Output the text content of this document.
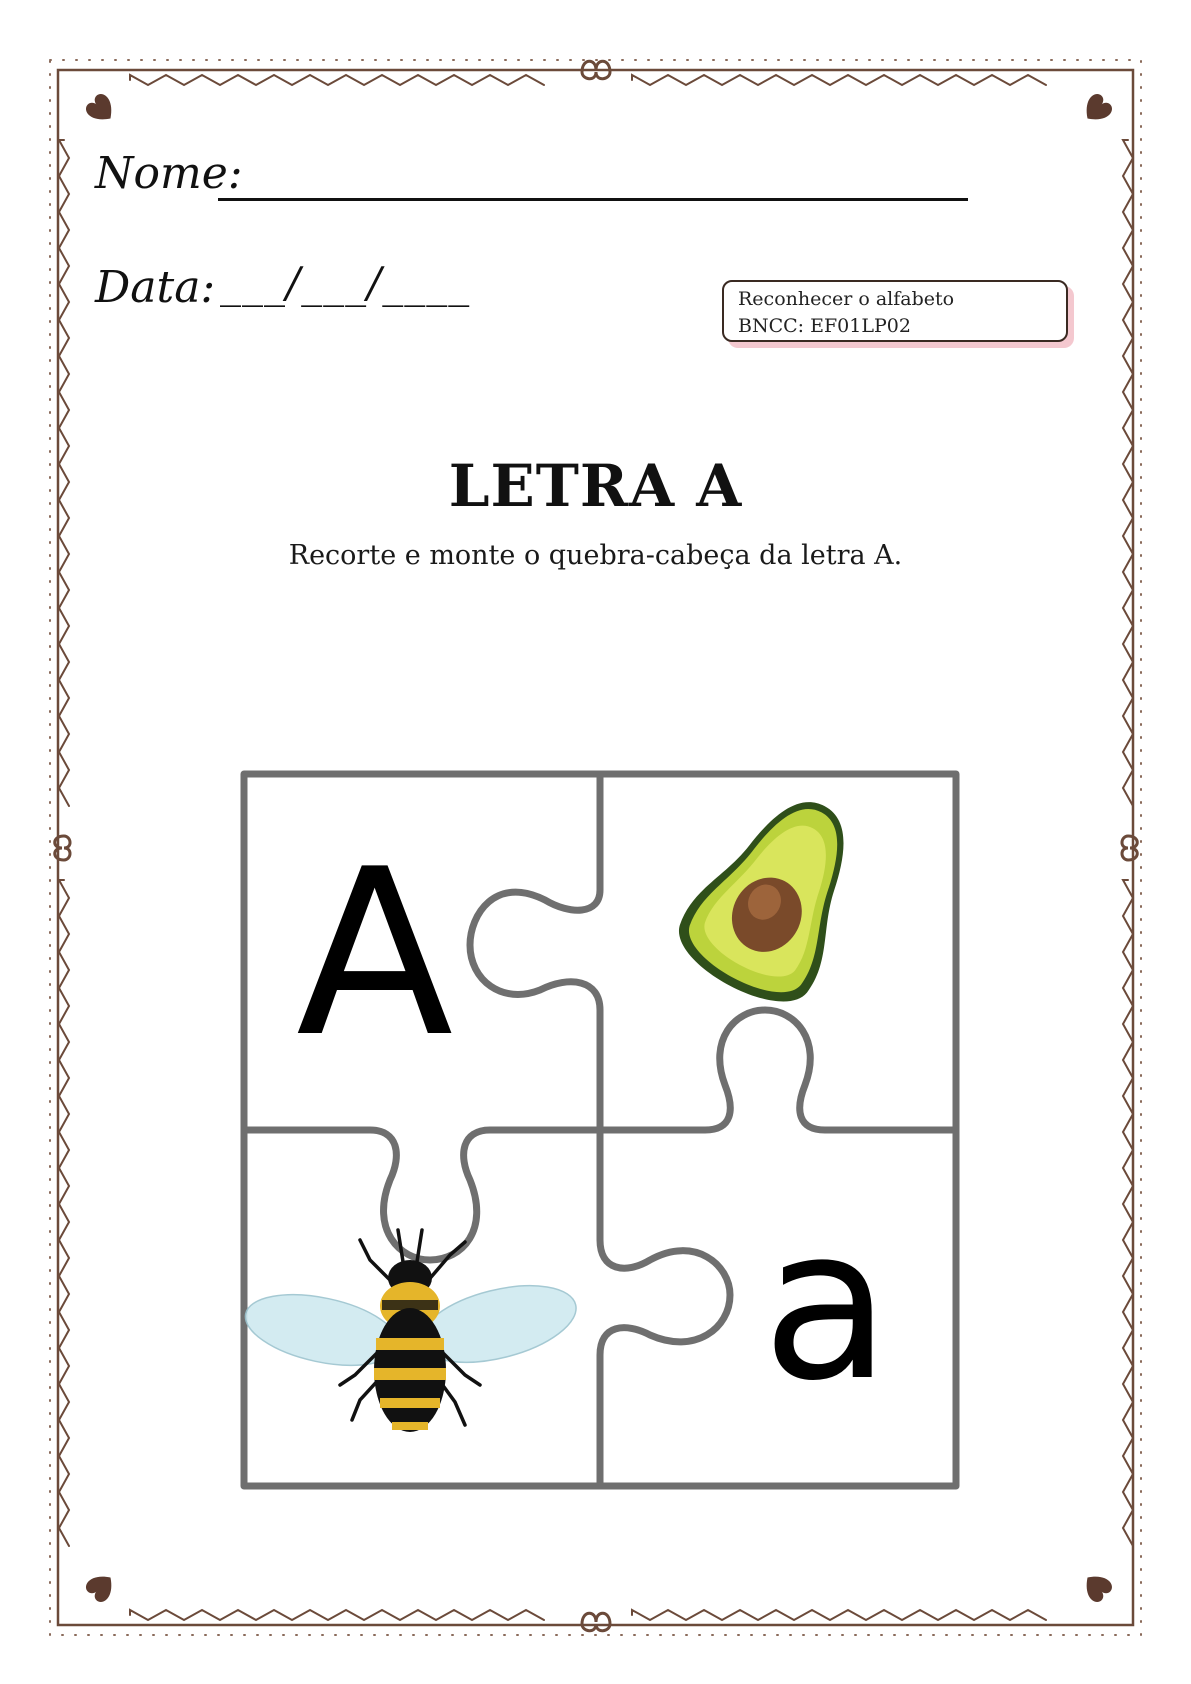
Nome:
Data: ___/___/____	Reconhecer o alfabeto
BNCC: EF01LP02
LETRA A
Recorte e monte o quebra-cabeça da letra A.
A
a
